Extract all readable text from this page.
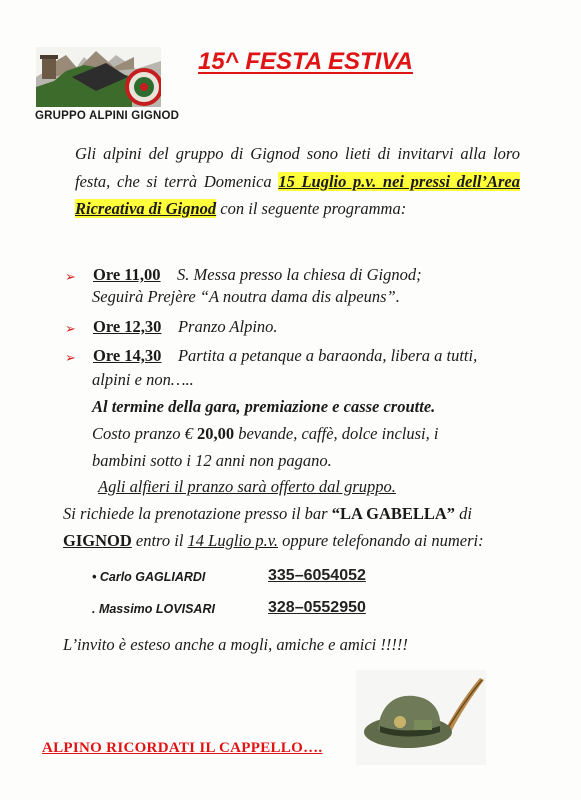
GRUPPO ALPINI GIGNOD
15^ FESTA ESTIVA
Gli alpini del gruppo di Gignod sono lieti di invitarvi alla loro festa, che si terrà Domenica 15 Luglio p.v. nei pressi dell’Area Ricreativa di Gignod con il seguente programma:
➢ Ore 11,00 S. Messa presso la chiesa di Gignod;
Seguirà Prejère “A noutra dama dis alpeuns”.
➢ Ore 12,30 Pranzo Alpino.
➢ Ore 14,30 Partita a petanque a baraonda, libera a tutti,
alpini e non…..
Al termine della gara, premiazione e casse croutte.
Costo pranzo € 20,00 bevande, caffè, dolce inclusi, i
bambini sotto i 12 anni non pagano.
Agli alfieri il pranzo sarà offerto dal gruppo.
Si richiede la prenotazione presso il bar “LA GABELLA” di
GIGNOD entro il 14 Luglio p.v. oppure telefonando ai numeri:
• Carlo GAGLIARDI	335–6054052
. Massimo LOVISARI	328–0552950
L’invito è esteso anche a mogli, amiche e amici !!!!!
ALPINO RICORDATI IL CAPPELLO….
